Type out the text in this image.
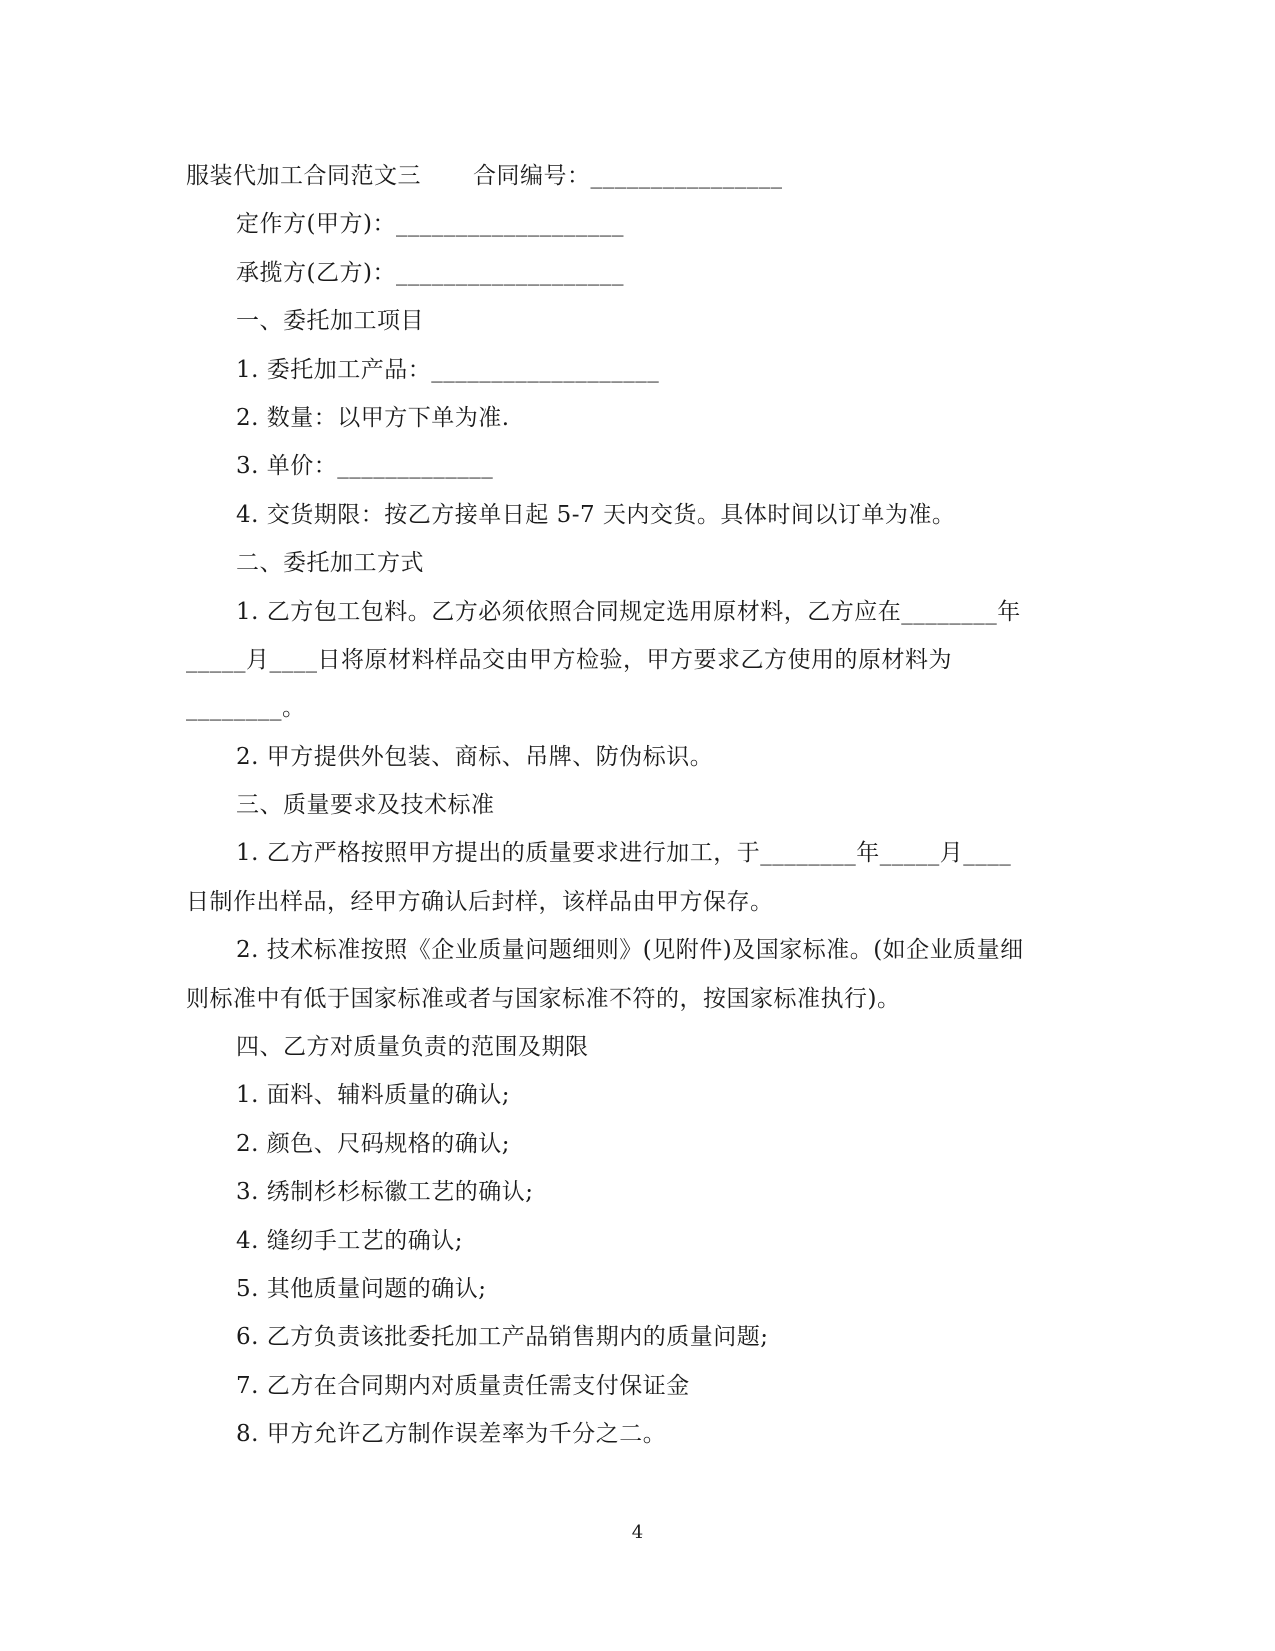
服装代加工合同范文三 合同编号：________________
定作方(甲方)：___________________
承揽方(乙方)：___________________
一、委托加工项目
1. 委托加工产品：___________________
2. 数量：以甲方下单为准.
3. 单价：_____________
4. 交货期限：按乙方接单日起 5-7 天内交货。具体时间以订单为准。
二、委托加工方式
1. 乙方包工包料。乙方必须依照合同规定选用原材料，乙方应在________年
_____月____日将原材料样品交由甲方检验，甲方要求乙方使用的原材料为
________。
2. 甲方提供外包装、商标、吊牌、防伪标识。
三、质量要求及技术标准
1. 乙方严格按照甲方提出的质量要求进行加工，于________年_____月____
日制作出样品，经甲方确认后封样，该样品由甲方保存。
2. 技术标准按照《企业质量问题细则》(见附件)及国家标准。(如企业质量细
则标准中有低于国家标准或者与国家标准不符的，按国家标准执行)。
四、乙方对质量负责的范围及期限
1. 面料、辅料质量的确认;
2. 颜色、尺码规格的确认;
3. 绣制杉杉标徽工艺的确认;
4. 缝纫手工艺的确认;
5. 其他质量问题的确认;
6. 乙方负责该批委托加工产品销售期内的质量问题;
7. 乙方在合同期内对质量责任需支付保证金
8. 甲方允许乙方制作误差率为千分之二。
4
